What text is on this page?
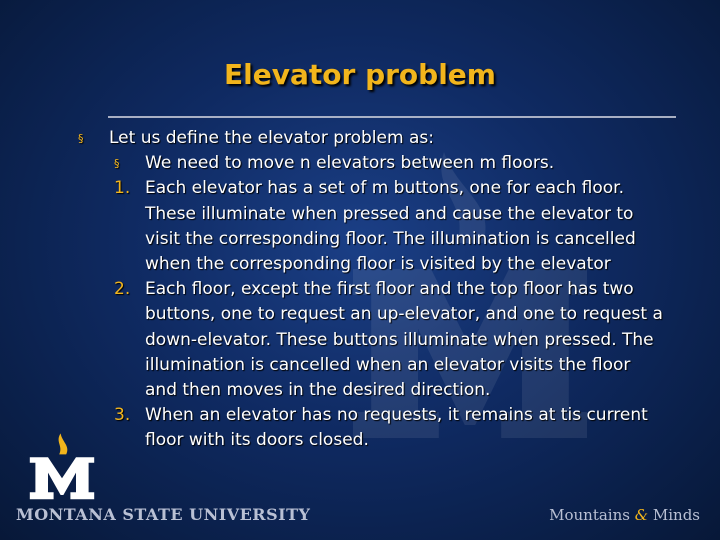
Elevator problem
§ Let us define the elevator problem as:
§ We need to move n elevators between m floors.
1. Each elevator has a set of m buttons, one for each floor. These illuminate when pressed and cause the elevator to visit the corresponding floor. The illumination is cancelled when the corresponding floor is visited by the elevator
2. Each floor, except the first floor and the top floor has two buttons, one to request an up-elevator, and one to request a down-elevator. These buttons illuminate when pressed. The illumination is cancelled when an elevator visits the floor and then moves in the desired direction.
3. When an elevator has no requests, it remains at tis current floor with its doors closed.
MONTANA STATE UNIVERSITY	Mountains & Minds
